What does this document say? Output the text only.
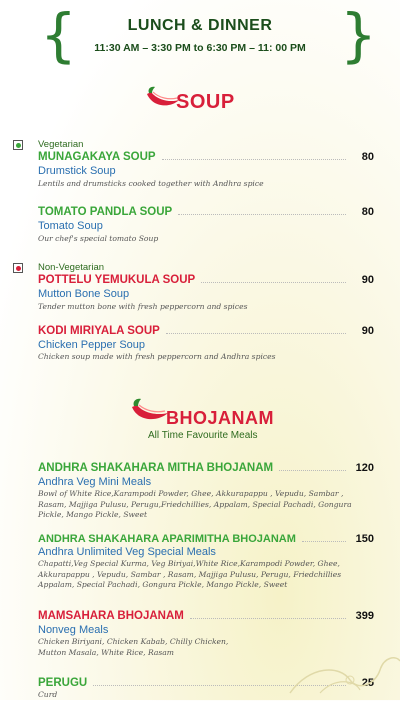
{	}
LUNCH & DINNER
11:30 AM – 3:30 PM to 6:30 PM – 11: 00 PM
SOUP
Vegetarian
MUNAGAKAYA SOUP	80
Drumstick Soup
Lentils and drumsticks cooked together with Andhra spice
TOMATO PANDLA SOUP	80
Tomato Soup
Our chef's special tomato Soup
Non-Vegetarian
POTTELU YEMUKULA SOUP	90
Mutton Bone Soup
Tender mutton bone with fresh peppercorn and spices
KODI MIRIYALA SOUP	90
Chicken Pepper Soup
Chicken soup made with fresh peppercorn and Andhra spices
BHOJANAM
All Time Favourite Meals
ANDHRA SHAKAHARA MITHA BHOJANAM	120
Andhra Veg Mini Meals
Bowl of White Rice,Karampodi Powder, Ghee, Akkurapappu , Vepudu, Sambar ,
Rasam, Majjiga Pulusu, Perugu,Friedchillies, Appalam, Special Pachadi, Gongura
Pickle, Mango Pickle, Sweet
ANDHRA SHAKAHARA APARIMITHA BHOJANAM	150
Andhra Unlimited Veg Special Meals
Chapatti,Veg Special Kurma, Veg Biriyai,White Rice,Karampodi Powder, Ghee,
Akkurapappu , Vepudu, Sambar , Rasam, Majjiga Pulusu, Perugu, Friedchillies
Appalam, Special Pachadi, Gongura Pickle, Mango Pickle, Sweet
MAMSAHARA BHOJANAM	399
Nonveg Meals
Chicken Biriyani, Chicken Kabab, Chilly Chicken,
Mutton Masala, White Rice, Rasam
PERUGU	25
Curd
